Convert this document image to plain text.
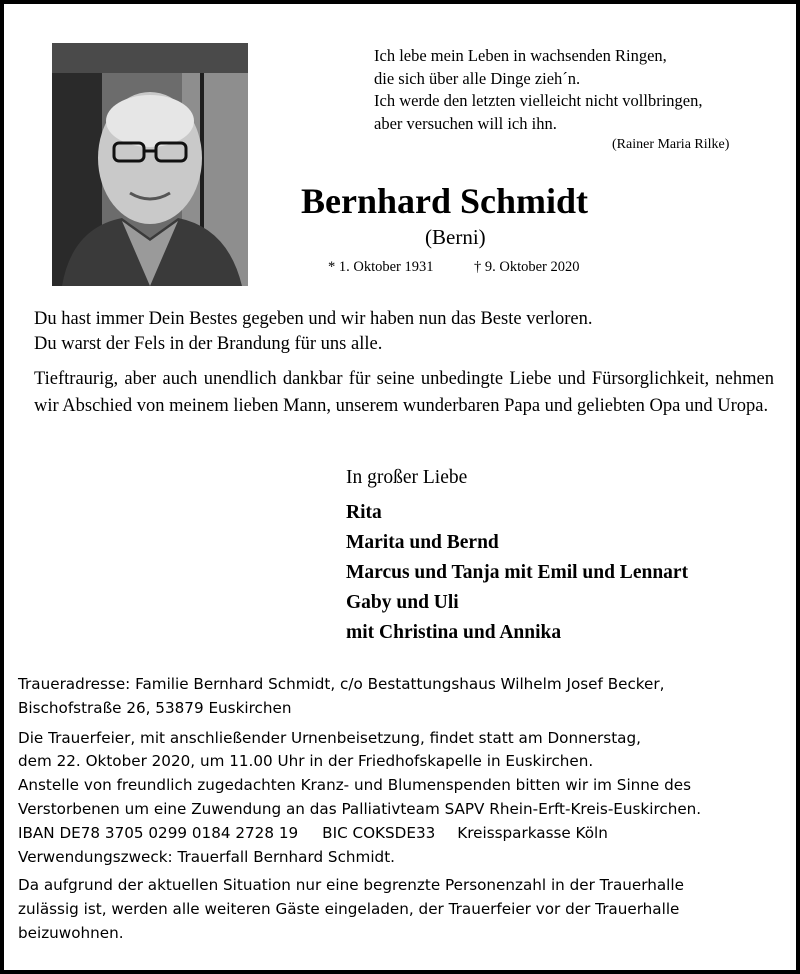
Ich lebe mein Leben in wachsenden Ringen,
die sich über alle Dinge zieh´n.
Ich werde den letzten vielleicht nicht vollbringen,
aber versuchen will ich ihn.
(Rainer Maria Rilke)
Bernhard Schmidt
(Berni)
* 1. Oktober 1931	† 9. Oktober 2020
Du hast immer Dein Bestes gegeben und wir haben nun das Beste verloren.
Du warst der Fels in der Brandung für uns alle.
Tieftraurig, aber auch unendlich dankbar für seine unbedingte Liebe und Fürsorglichkeit, nehmen wir Abschied von meinem lieben Mann, unserem wunderbaren Papa und geliebten Opa und Uropa.
In großer Liebe
Rita
Marita und Bernd
Marcus und Tanja mit Emil und Lennart
Gaby und Uli
mit Christina und Annika
Traueradresse: Familie Bernhard Schmidt, c/o Bestattungshaus Wilhelm Josef Becker,
Bischofstraße 26, 53879 Euskirchen
Die Trauerfeier, mit anschließender Urnenbeisetzung, findet statt am Donnerstag,
dem 22. Oktober 2020, um 11.00 Uhr in der Friedhofskapelle in Euskirchen.
Anstelle von freundlich zugedachten Kranz- und Blumenspenden bitten wir im Sinne des
Verstorbenen um eine Zuwendung an das Palliativteam SAPV Rhein-Erft-Kreis-Euskirchen.
IBAN DE78 3705 0299 0184 2728 19 BIC COKSDE33 Kreissparkasse Köln
Verwendungszweck: Trauerfall Bernhard Schmidt.
Da aufgrund der aktuellen Situation nur eine begrenzte Personenzahl in der Trauerhalle
zulässig ist, werden alle weiteren Gäste eingeladen, der Trauerfeier vor der Trauerhalle
beizuwohnen.
